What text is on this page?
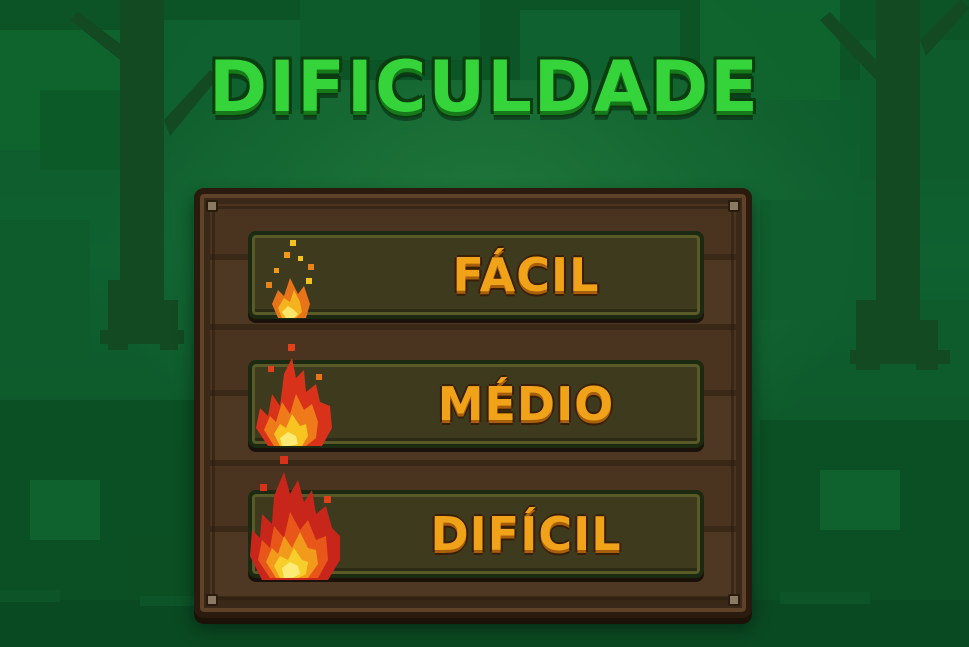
DIFICULDADE
FÁCIL
MÉDIO
DIFÍCIL
